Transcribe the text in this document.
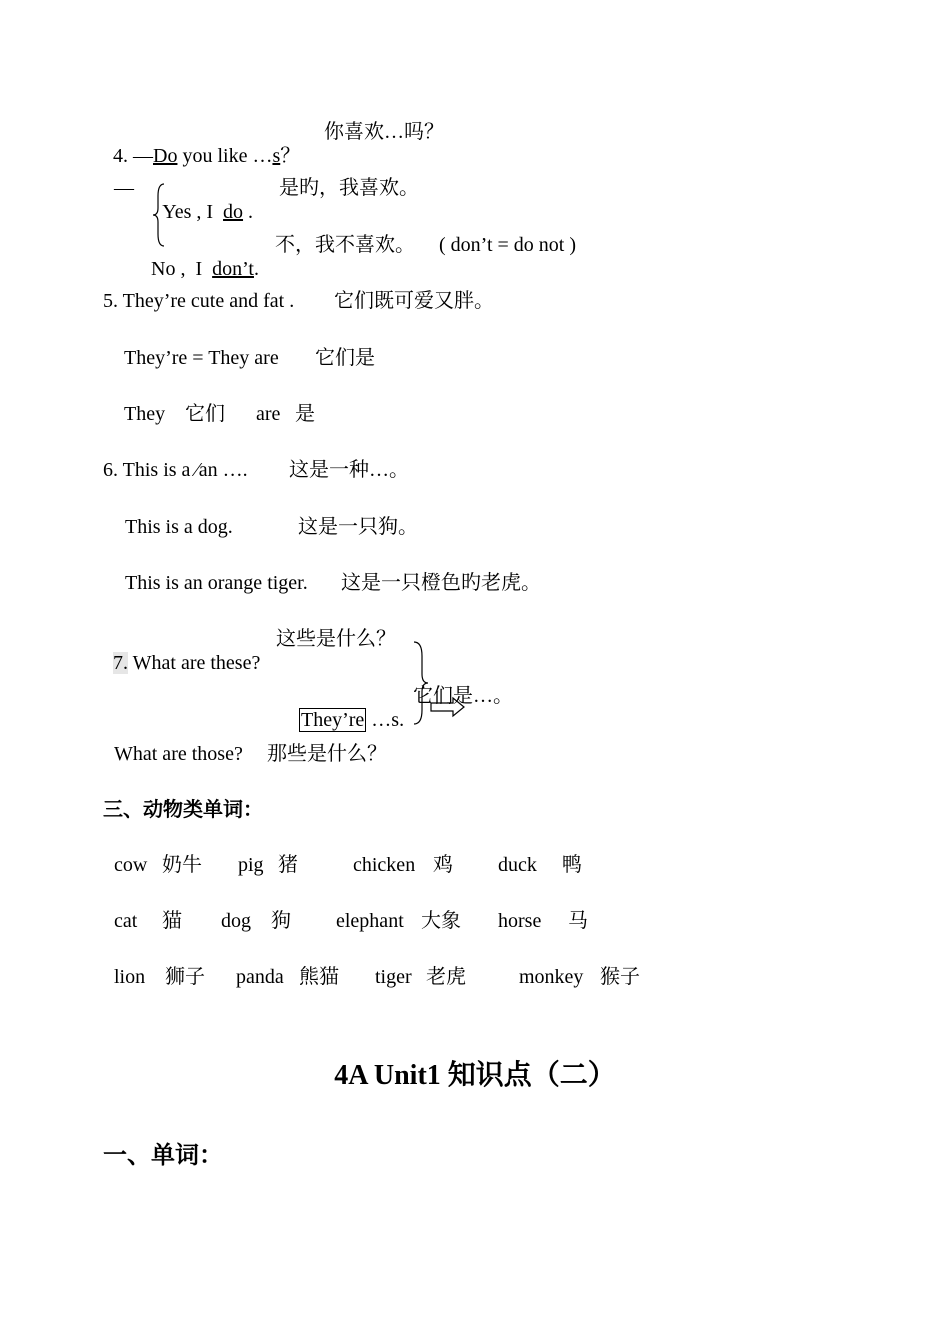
4. —Do you like …s？

你喜欢…吗？
—

Yes , I do .

是旳，我喜欢。

No ,  I don’t.

不，我不喜欢。 ( don’t = do not )
5. They’re cute and fat . 它们既可爱又胖。
They’re = They are 它们是
They 它们 are 是
6. This is a ⁄an …. 这是一种…。
This is a dog.	这是一只狗。
This is an orange tiger. 这是一只橙色旳老虎。

7. What are these?

这些是什么？

They’re …s.

它们是…。
What are those? 那些是什么？
三、动物类单词：
cow 奶牛 pig 猪	chicken 鸡 duck 鸭
cat 猫 dog 狗 elephant 大象 horse 马
lion 狮子 panda 熊猫 tiger 老虎	monkey 猴子
4A Unit1 知识点（二）
一、单词：
